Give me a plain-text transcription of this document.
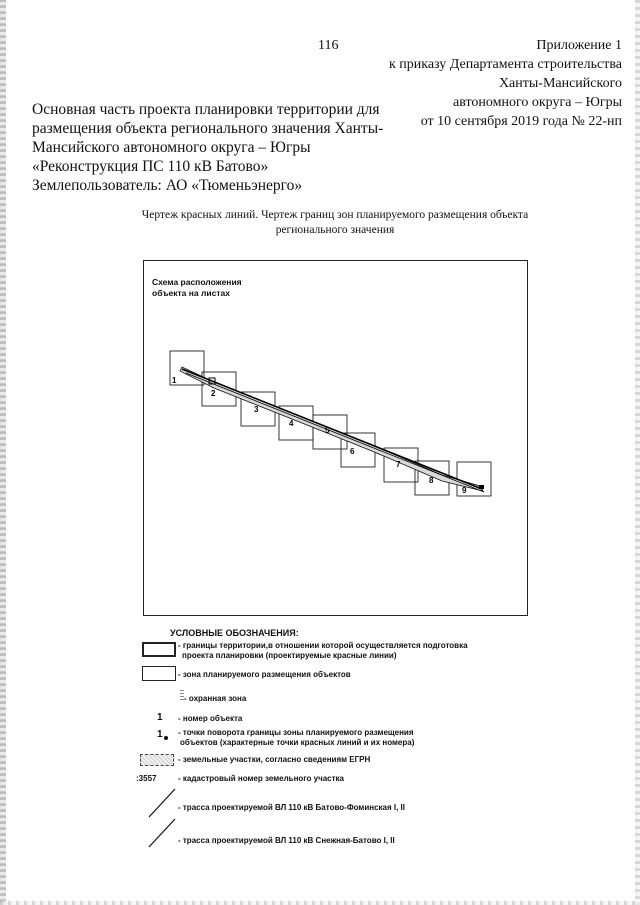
116	Приложение 1
к приказу Департамента строительства
Ханты-Мансийского
автономного округа – Югры
от 10 сентября 2019 года № 22-нп
Основная часть проекта планировки территории для
размещения объекта регионального значения Ханты-
Мансийского автономного округа – Югры
«Реконструкция ПС 110 кВ Батово»
Землепользователь: АО «Тюменьэнерго»
Чертеж красных линий. Чертеж границ зон планируемого размещения объекта
регионального значения
Схема расположения
объекта на листах
1
2
3
4
5
6
7
8
9
УСЛОВНЫЕ ОБОЗНАЧЕНИЯ:
- границы территории,в отношении которой осуществляется подготовка
проекта планировки (проектируемые красные линии)
- зона планируемого размещения объектов
- охранная зона
1 - номер объекта
1	- точки поворота границы зоны планируемого размещения
объектов (характерные точки красных линий и их номера)
- земельные участки, согласно сведениям ЕГРН
:3557	- кадастровый номер земельного участка
- трасса проектируемой ВЛ 110 кВ Батово-Фоминская I, II
- трасса проектируемой ВЛ 110 кВ Снежная-Батово I, II
